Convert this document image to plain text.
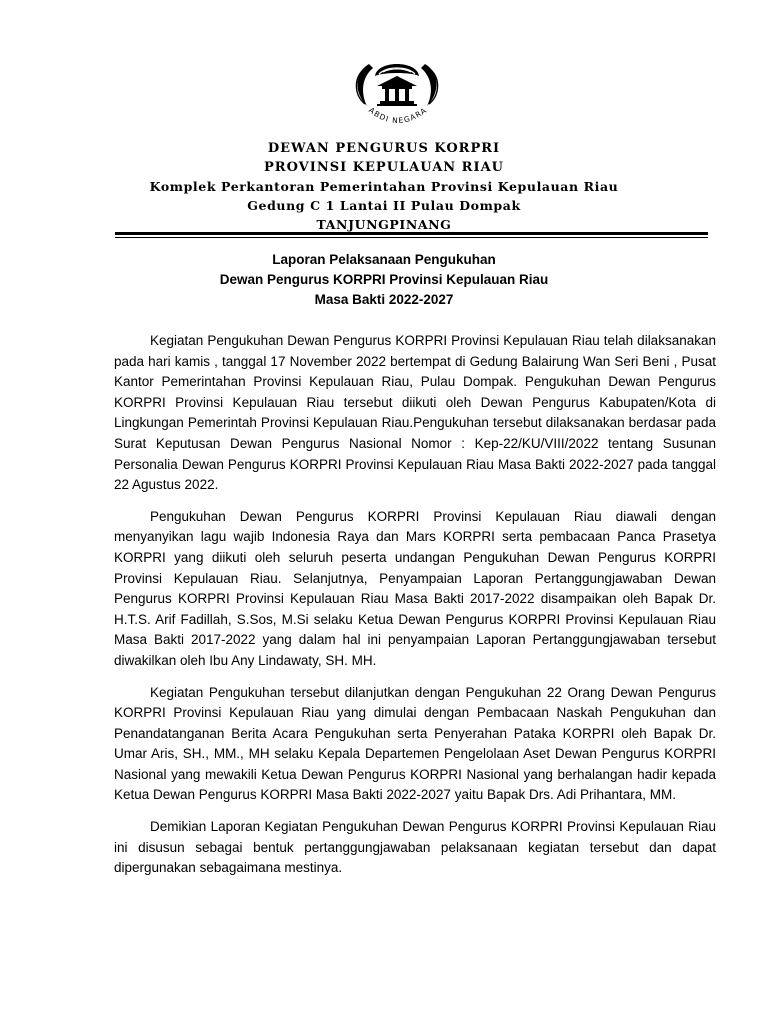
ABDI NEGARA
DEWAN PENGURUS KORPRI
PROVINSI KEPULAUAN RIAU
Komplek Perkantoran Pemerintahan Provinsi Kepulauan Riau
Gedung C 1 Lantai II Pulau Dompak
TANJUNGPINANG
Laporan Pelaksanaan Pengukuhan
Dewan Pengurus KORPRI Provinsi Kepulauan Riau
Masa Bakti 2022-2027

Kegiatan Pengukuhan Dewan Pengurus KORPRI Provinsi Kepulauan Riau telah dilaksanakan pada hari kamis , tanggal 17 November 2022 bertempat di Gedung Balairung Wan Seri Beni , Pusat Kantor Pemerintahan Provinsi Kepulauan Riau, Pulau Dompak. Pengukuhan Dewan Pengurus KORPRI Provinsi Kepulauan Riau tersebut diikuti oleh Dewan Pengurus Kabupaten/Kota di Lingkungan Pemerintah Provinsi Kepulauan Riau.Pengukuhan tersebut dilaksanakan berdasar pada Surat Keputusan Dewan Pengurus Nasional Nomor : Kep-22/KU/VIII/2022 tentang Susunan Personalia Dewan Pengurus KORPRI Provinsi Kepulauan Riau Masa Bakti 2022-2027 pada tanggal 22 Agustus 2022.

Pengukuhan Dewan Pengurus KORPRI Provinsi Kepulauan Riau diawali dengan menyanyikan lagu wajib Indonesia Raya dan Mars KORPRI serta pembacaan Panca Prasetya KORPRI yang diikuti oleh seluruh peserta undangan Pengukuhan Dewan Pengurus KORPRI Provinsi Kepulauan Riau. Selanjutnya, Penyampaian Laporan Pertanggungjawaban Dewan Pengurus KORPRI Provinsi Kepulauan Riau Masa Bakti 2017-2022 disampaikan oleh Bapak Dr. H.T.S. Arif Fadillah, S.Sos, M.Si selaku Ketua Dewan Pengurus KORPRI Provinsi Kepulauan Riau Masa Bakti 2017-2022 yang dalam hal ini penyampaian Laporan Pertanggungjawaban tersebut diwakilkan oleh Ibu Any Lindawaty, SH. MH.

Kegiatan Pengukuhan tersebut dilanjutkan dengan Pengukuhan 22 Orang Dewan Pengurus KORPRI Provinsi Kepulauan Riau yang dimulai dengan Pembacaan Naskah Pengukuhan dan Penandatanganan Berita Acara Pengukuhan serta Penyerahan Pataka KORPRI oleh Bapak Dr. Umar Aris, SH., MM., MH selaku Kepala Departemen Pengelolaan Aset Dewan Pengurus KORPRI Nasional yang mewakili Ketua Dewan Pengurus KORPRI Nasional yang berhalangan hadir kepada Ketua Dewan Pengurus KORPRI Masa Bakti 2022-2027 yaitu Bapak Drs. Adi Prihantara, MM.

Demikian Laporan Kegiatan Pengukuhan Dewan Pengurus KORPRI Provinsi Kepulauan Riau ini disusun sebagai bentuk pertanggungjawaban pelaksanaan kegiatan tersebut dan dapat dipergunakan sebagaimana mestinya.
